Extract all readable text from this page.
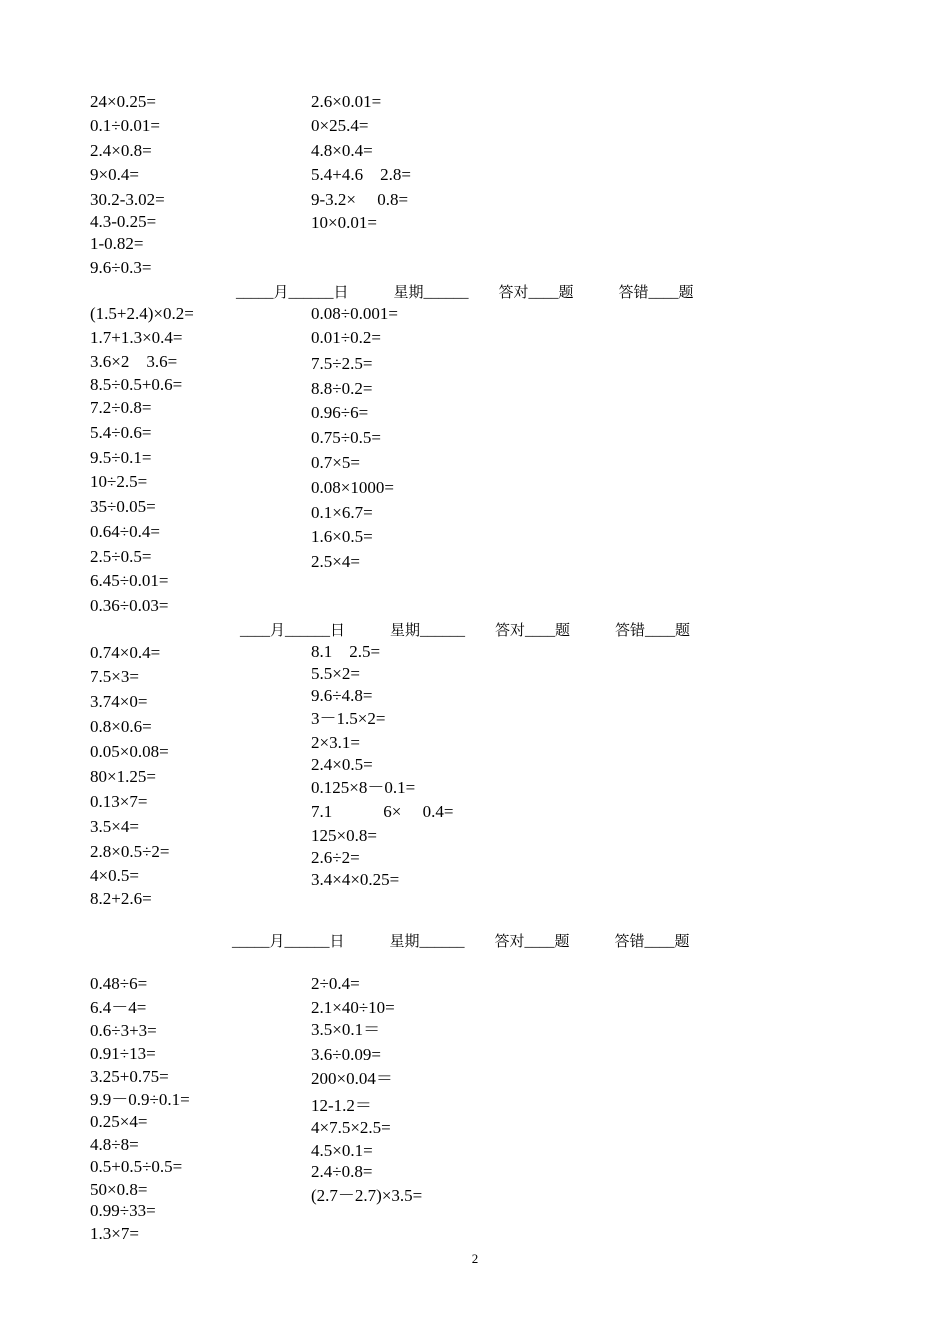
24×0.25=
0.1÷0.01=
2.4×0.8=
9×0.4=
30.2-3.02=
4.3-0.25=
1-0.82=
9.6÷0.3=
2.6×0.01=
0×25.4=
4.8×0.4=
5.4+4.6　2.8=
9-3.2×　 0.8=
10×0.01=
_____月______日　　　星期______　　答对____题　　　答错____题
(1.5+2.4)×0.2=
1.7+1.3×0.4=
3.6×2　3.6=
8.5÷0.5+0.6=
7.2÷0.8=
5.4÷0.6=
9.5÷0.1=
10÷2.5=
35÷0.05=
0.64÷0.4=
2.5÷0.5=
6.45÷0.01=
0.36÷0.03=
0.08÷0.001=
0.01÷0.2=
7.5÷2.5=
8.8÷0.2=
0.96÷6=
0.75÷0.5=
0.7×5=
0.08×1000=
0.1×6.7=
1.6×0.5=
2.5×4=
____月______日　　　星期______　　答对____题　　　答错____题
0.74×0.4=
7.5×3=
3.74×0=
0.8×0.6=
0.05×0.08=
80×1.25=
0.13×7=
3.5×4=
2.8×0.5÷2=
4×0.5=
8.2+2.6=
8.1　2.5=
5.5×2=
9.6÷4.8=
3－1.5×2=
2×3.1=
2.4×0.5=
0.125×8－0.1=
7.1　　　6×　 0.4=
125×0.8=
2.6÷2=
3.4×4×0.25=
_____月______日　　　星期______　　答对____题　　　答错____题
0.48÷6=
6.4－4=
0.6÷3+3=
0.91÷13=
3.25+0.75=
9.9－0.9÷0.1=
0.25×4=
4.8÷8=
0.5+0.5÷0.5=
50×0.8=
0.99÷33=
1.3×7=
2÷0.4=
2.1×40÷10=
3.5×0.1＝
3.6÷0.09=
200×0.04＝
12-1.2＝
4×7.5×2.5=
4.5×0.1=
2.4÷0.8=
(2.7－2.7)×3.5=
2
